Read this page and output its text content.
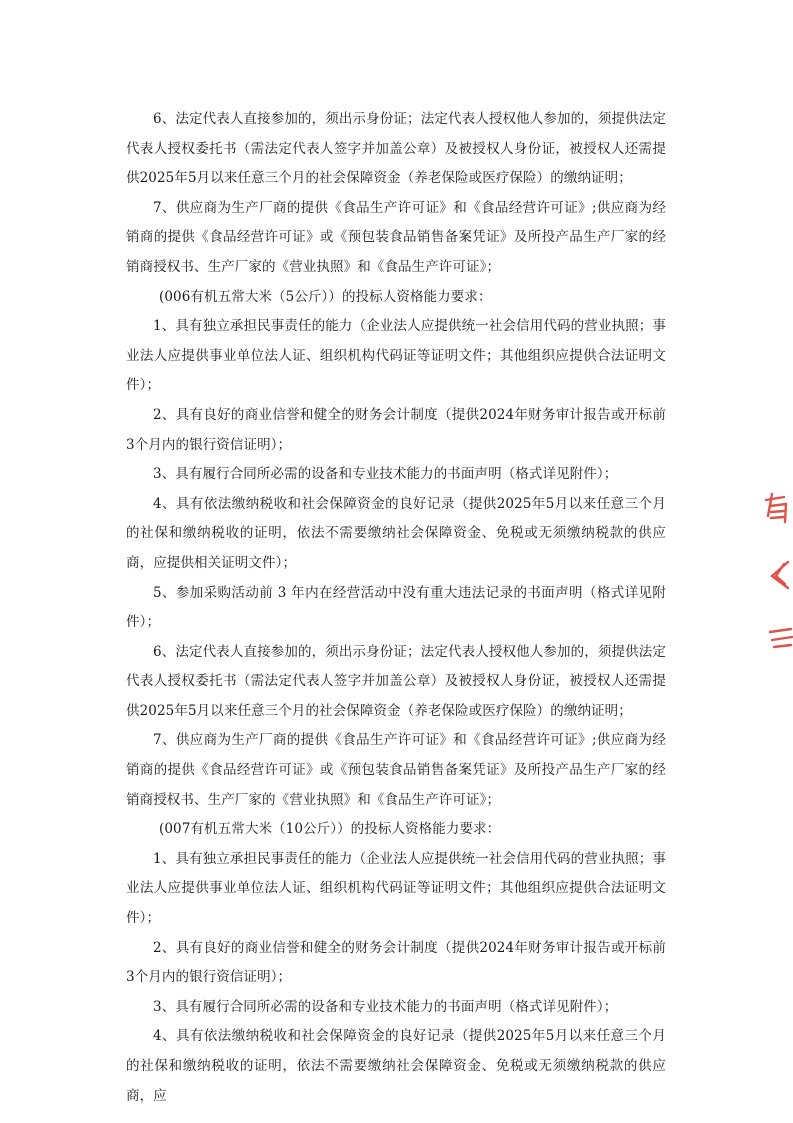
6、法定代表人直接参加的，须出示身份证；法定代表人授权他人参加的，须提供法定代表人授权委托书（需法定代表人签字并加盖公章）及被授权人身份证，被授权人还需提供2025年5月以来任意三个月的社会保障资金（养老保险或医疗保险）的缴纳证明；

7、供应商为生产厂商的提供《食品生产许可证》和《食品经营许可证》;供应商为经销商的提供《食品经营许可证》或《预包装食品销售备案凭证》及所投产品生产厂家的经销商授权书、生产厂家的《营业执照》和《食品生产许可证》；

(006有机五常大米（5公斤））的投标人资格能力要求：

1、具有独立承担民事责任的能力（企业法人应提供统一社会信用代码的营业执照；事业法人应提供事业单位法人证、组织机构代码证等证明文件；其他组织应提供合法证明文件）；

2、具有良好的商业信誉和健全的财务会计制度（提供2024年财务审计报告或开标前3个月内的银行资信证明）；

3、具有履行合同所必需的设备和专业技术能力的书面声明（格式详见附件）；

4、具有依法缴纳税收和社会保障资金的良好记录（提供2025年5月以来任意三个月的社保和缴纳税收的证明，依法不需要缴纳社会保障资金、免税或无须缴纳税款的供应商，应提供相关证明文件）；

5、参加采购活动前 3 年内在经营活动中没有重大违法记录的书面声明（格式详见附件）；

6、法定代表人直接参加的，须出示身份证；法定代表人授权他人参加的，须提供法定代表人授权委托书（需法定代表人签字并加盖公章）及被授权人身份证，被授权人还需提供2025年5月以来任意三个月的社会保障资金（养老保险或医疗保险）的缴纳证明；

7、供应商为生产厂商的提供《食品生产许可证》和《食品经营许可证》;供应商为经销商的提供《食品经营许可证》或《预包装食品销售备案凭证》及所投产品生产厂家的经销商授权书、生产厂家的《营业执照》和《食品生产许可证》；

(007有机五常大米（10公斤））的投标人资格能力要求：

1、具有独立承担民事责任的能力（企业法人应提供统一社会信用代码的营业执照；事业法人应提供事业单位法人证、组织机构代码证等证明文件；其他组织应提供合法证明文件）；

2、具有良好的商业信誉和健全的财务会计制度（提供2024年财务审计报告或开标前3个月内的银行资信证明）；

3、具有履行合同所必需的设备和专业技术能力的书面声明（格式详见附件）；

4、具有依法缴纳税收和社会保障资金的良好记录（提供2025年5月以来任意三个月的社保和缴纳税收的证明，依法不需要缴纳社会保障资金、免税或无须缴纳税款的供应商，应
